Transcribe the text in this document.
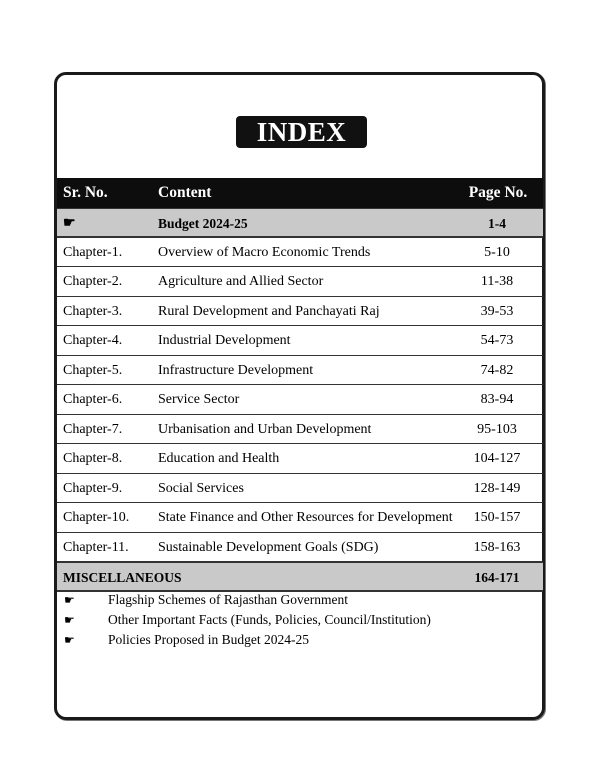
INDEX
Sr. No.	Content	Page No.
☛	Budget 2024-25	1-4
Chapter-1.	Overview of Macro Economic Trends	5-10
Chapter-2.	Agriculture and Allied Sector	11-38
Chapter-3.	Rural Development and Panchayati Raj	39-53
Chapter-4.	Industrial Development	54-73
Chapter-5.	Infrastructure Development	74-82
Chapter-6.	Service Sector	83-94
Chapter-7.	Urbanisation and Urban Development	95-103
Chapter-8.	Education and Health	104-127
Chapter-9.	Social Services	128-149
Chapter-10. State Finance and Other Resources for Development	150-157
Chapter-11. Sustainable Development Goals (SDG)	158-163
MISCELLANEOUS	164-171
☛ Flagship Schemes of Rajasthan Government
☛ Other Important Facts (Funds, Policies, Council/Institution)
☛ Policies Proposed in Budget 2024-25
